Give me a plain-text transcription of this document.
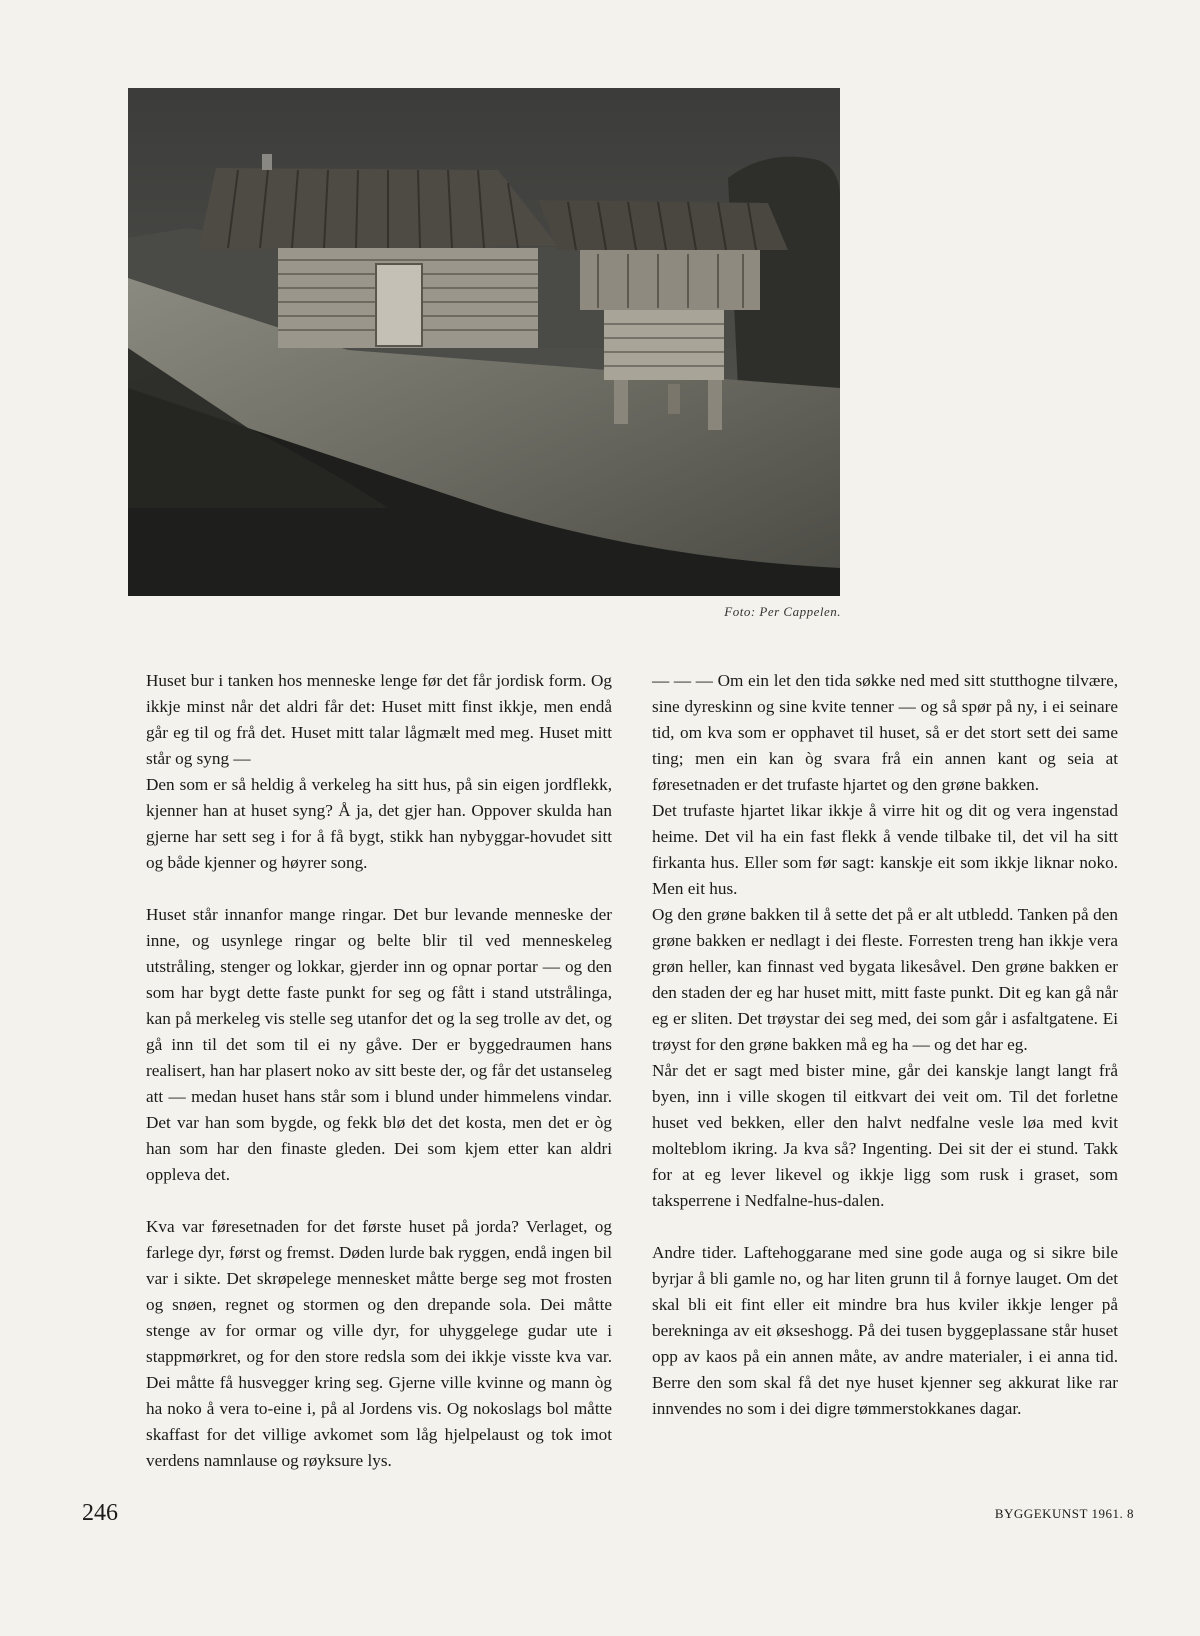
Foto: Per Cappelen.

Huset bur i tanken hos menneske lenge før det får jordisk form. Og ikkje minst når det aldri får det: Huset mitt finst ikkje, men endå går eg til og frå det. Huset mitt talar lågmælt med meg. Huset mitt står og syng —

Den som er så heldig å verkeleg ha sitt hus, på sin eigen jordflekk, kjenner han at huset syng? Å ja, det gjer han. Oppover skulda han gjerne har sett seg i for å få bygt, stikk han nybyggar-hovudet sitt og både kjenner og høyrer song.

Huset står innanfor mange ringar. Det bur levande menneske der inne, og usynlege ringar og belte blir til ved menneskeleg utstråling, stenger og lokkar, gjerder inn og opnar portar — og den som har bygt dette faste punkt for seg og fått i stand utstrålinga, kan på merkeleg vis stelle seg utanfor det og la seg trolle av det, og gå inn til det som til ei ny gåve. Der er byggedraumen hans realisert, han har plasert noko av sitt beste der, og får det ustanseleg att — medan huset hans står som i blund under himmelens vindar. Det var han som bygde, og fekk blø det det kosta, men det er òg han som har den finaste gleden. Dei som kjem etter kan aldri oppleva det.

Kva var føresetnaden for det første huset på jorda? Verlaget, og farlege dyr, først og fremst. Døden lurde bak ryggen, endå ingen bil var i sikte. Det skrøpelege mennesket måtte berge seg mot frosten og snøen, regnet og stormen og den drepande sola. Dei måtte stenge av for ormar og ville dyr, for uhyggelege gudar ute i stappmørkret, og for den store redsla som dei ikkje visste kva var. Dei måtte få husvegger kring seg. Gjerne ville kvinne og mann òg ha noko å vera to-eine i, på al Jordens vis. Og nokoslags bol måtte skaffast for det villige avkomet som låg hjelpelaust og tok imot verdens namnlause og røyksure lys.

— — — Om ein let den tida søkke ned med sitt stutthogne tilvære, sine dyreskinn og sine kvite tenner — og så spør på ny, i ei seinare tid, om kva som er opphavet til huset, så er det stort sett dei same ting; men ein kan òg svara frå ein annen kant og seia at føresetnaden er det trufaste hjartet og den grøne bakken.

Det trufaste hjartet likar ikkje å virre hit og dit og vera ingenstad heime. Det vil ha ein fast flekk å vende tilbake til, det vil ha sitt firkanta hus. Eller som før sagt: kanskje eit som ikkje liknar noko. Men eit hus.

Og den grøne bakken til å sette det på er alt utbledd. Tanken på den grøne bakken er nedlagt i dei fleste. Forresten treng han ikkje vera grøn heller, kan finnast ved bygata likesåvel. Den grøne bakken er den staden der eg har huset mitt, mitt faste punkt. Dit eg kan gå når eg er sliten. Det trøystar dei seg med, dei som går i asfaltgatene. Ei trøyst for den grøne bakken må eg ha — og det har eg.

Når det er sagt med bister mine, går dei kanskje langt langt frå byen, inn i ville skogen til eitkvart dei veit om. Til det forletne huset ved bekken, eller den halvt nedfalne vesle løa med kvit molteblom ikring. Ja kva så? Ingenting. Dei sit der ei stund. Takk for at eg lever likevel og ikkje ligg som rusk i graset, som taksperrene i Nedfalne-hus-dalen.

Andre tider. Laftehoggarane med sine gode auga og si sikre bile byrjar å bli gamle no, og har liten grunn til å fornye lauget. Om det skal bli eit fint eller eit mindre bra hus kviler ikkje lenger på berekninga av eit økseshogg. På dei tusen byggeplassane står huset opp av kaos på ein annen måte, av andre materialer, i ei anna tid. Berre den som skal få det nye huset kjenner seg akkurat like rar innvendes no som i dei digre tømmerstokkanes dagar.

246	BYGGEKUNST 1961. 8
